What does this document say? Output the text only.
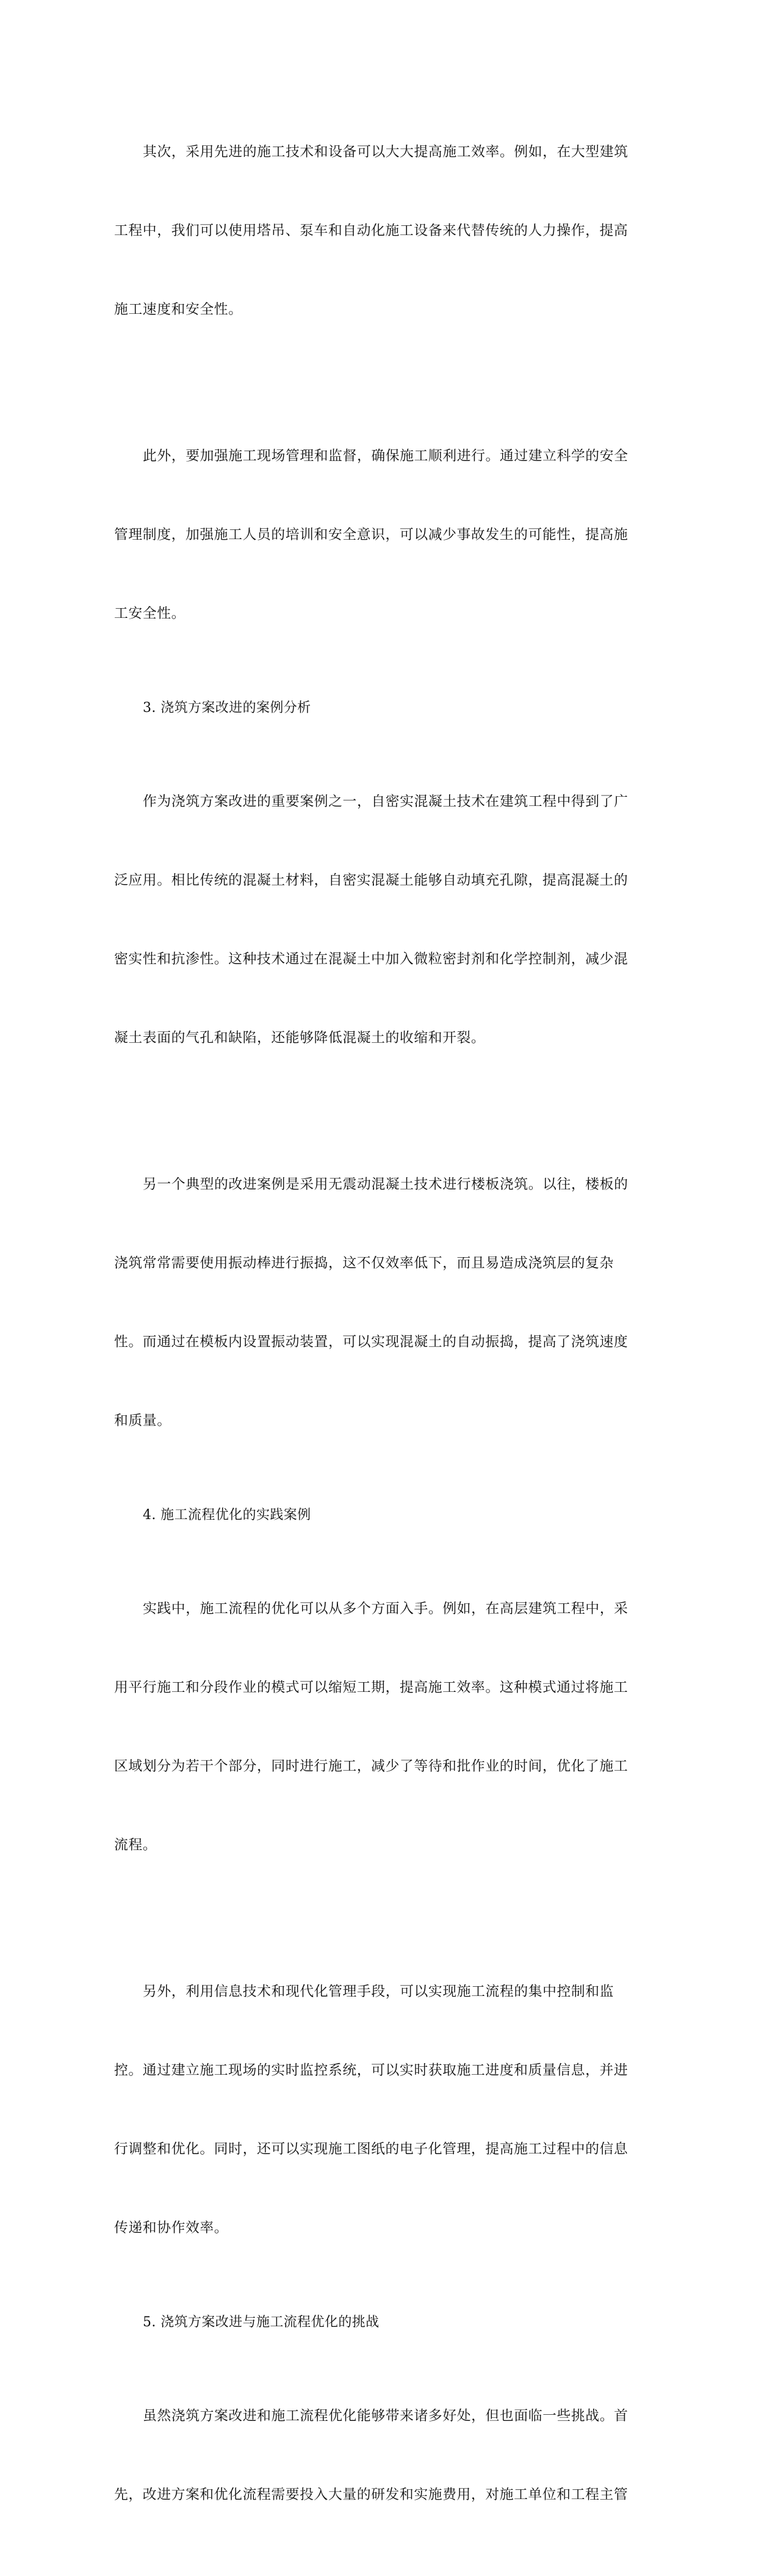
其次，采用先进的施工技术和设备可以大大提高施工效率。例如，在大型建筑

工程中，我们可以使用塔吊、泵车和自动化施工设备来代替传统的人力操作，提高

施工速度和安全性。

此外，要加强施工现场管理和监督，确保施工顺利进行。通过建立科学的安全

管理制度，加强施工人员的培训和安全意识，可以减少事故发生的可能性，提高施

工安全性。

3. 浇筑方案改进的案例分析

作为浇筑方案改进的重要案例之一，自密实混凝土技术在建筑工程中得到了广

泛应用。相比传统的混凝土材料，自密实混凝土能够自动填充孔隙，提高混凝土的

密实性和抗渗性。这种技术通过在混凝土中加入微粒密封剂和化学控制剂，减少混

凝土表面的气孔和缺陷，还能够降低混凝土的收缩和开裂。

另一个典型的改进案例是采用无震动混凝土技术进行楼板浇筑。以往，楼板的

浇筑常常需要使用振动棒进行振捣，这不仅效率低下，而且易造成浇筑层的复杂

性。而通过在模板内设置振动装置，可以实现混凝土的自动振捣，提高了浇筑速度

和质量。

4. 施工流程优化的实践案例

实践中，施工流程的优化可以从多个方面入手。例如，在高层建筑工程中，采

用平行施工和分段作业的模式可以缩短工期，提高施工效率。这种模式通过将施工

区域划分为若干个部分，同时进行施工，减少了等待和批作业的时间，优化了施工

流程。

另外，利用信息技术和现代化管理手段，可以实现施工流程的集中控制和监

控。通过建立施工现场的实时监控系统，可以实时获取施工进度和质量信息，并进

行调整和优化。同时，还可以实现施工图纸的电子化管理，提高施工过程中的信息

传递和协作效率。

5. 浇筑方案改进与施工流程优化的挑战

虽然浇筑方案改进和施工流程优化能够带来诸多好处，但也面临一些挑战。首

先，改进方案和优化流程需要投入大量的研发和实施费用，对施工单位和工程主管
